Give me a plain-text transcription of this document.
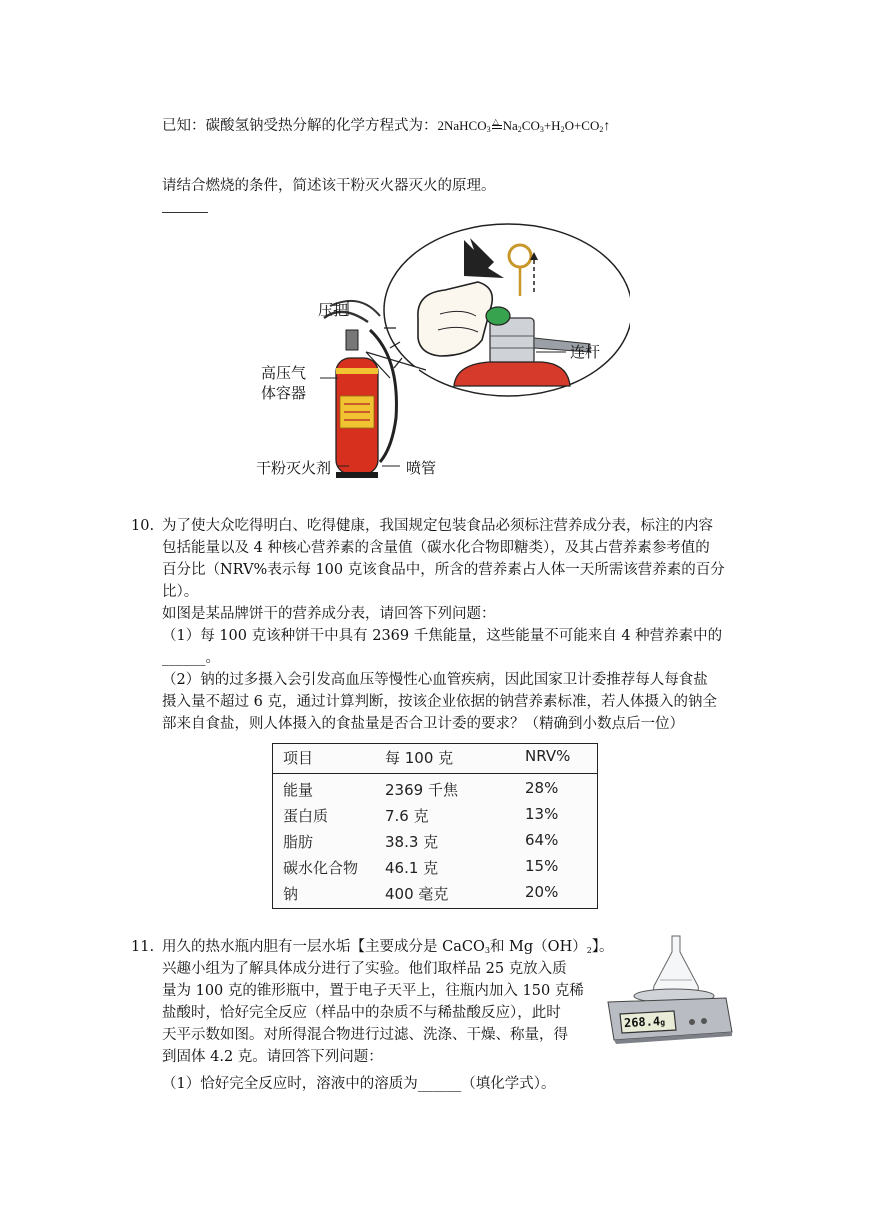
已知：碳酸氢钠受热分解的化学方程式为：2NaHCO$_3$
△ $Na_2CO_3+H_2O+CO_2↑$
请结合燃烧的条件，简述该干粉灭火器灭火的原理。
压把
高压气
体容器
干粉灭火剂	喷管
连杆
10. 为了使大众吃得明白、吃得健康，我国规定包装食品必须标注营养成分表，标注的内容
包括能量以及 4 种核心营养素的含量值（碳水化合物即糖类），及其占营养素参考值的
百分比（NRV%表示每 100 克该食品中，所含的营养素占人体一天所需该营养素的百分
比）。
如图是某品牌饼干的营养成分表，请回答下列问题：
（1）每 100 克该种饼干中具有 2369 千焦能量，这些能量不可能来自 4 种营养素中的
______。
（2）钠的过多摄入会引发高血压等慢性心血管疾病，因此国家卫计委推荐每人每食盐
摄入量不超过 6 克，通过计算判断，按该企业依据的钠营养素标准，若人体摄入的钠全
部来自食盐，则人体摄入的食盐量是否合卫计委的要求？（精确到小数点后一位）
项目	每 100 克	NRV%
能量	2369 千焦	28%
蛋白质	7.6 克	13%
脂肪	38.3 克	64%
碳水化合物 46.1 克	15%
钠	400 毫克	20%
11. 用久的热水瓶内胆有一层水垢【主要成分是 CaCO$_3$和 $Mg(OH)_2$】。
兴趣小组为了解具体成分进行了实验。他们取样品 25 克放入质
量为 100 克的锥形瓶中，置于电子天平上，往瓶内加入 150 克稀
盐酸时，恰好完全反应（样品中的杂质不与稀盐酸反应），此时
天平示数如图。对所得混合物进行过滤、洗涤、干燥、称量，得
到固体 4.2 克。请回答下列问题：
（1）恰好完全反应时，溶液中的溶质为______（填化学式）。
268.4g
